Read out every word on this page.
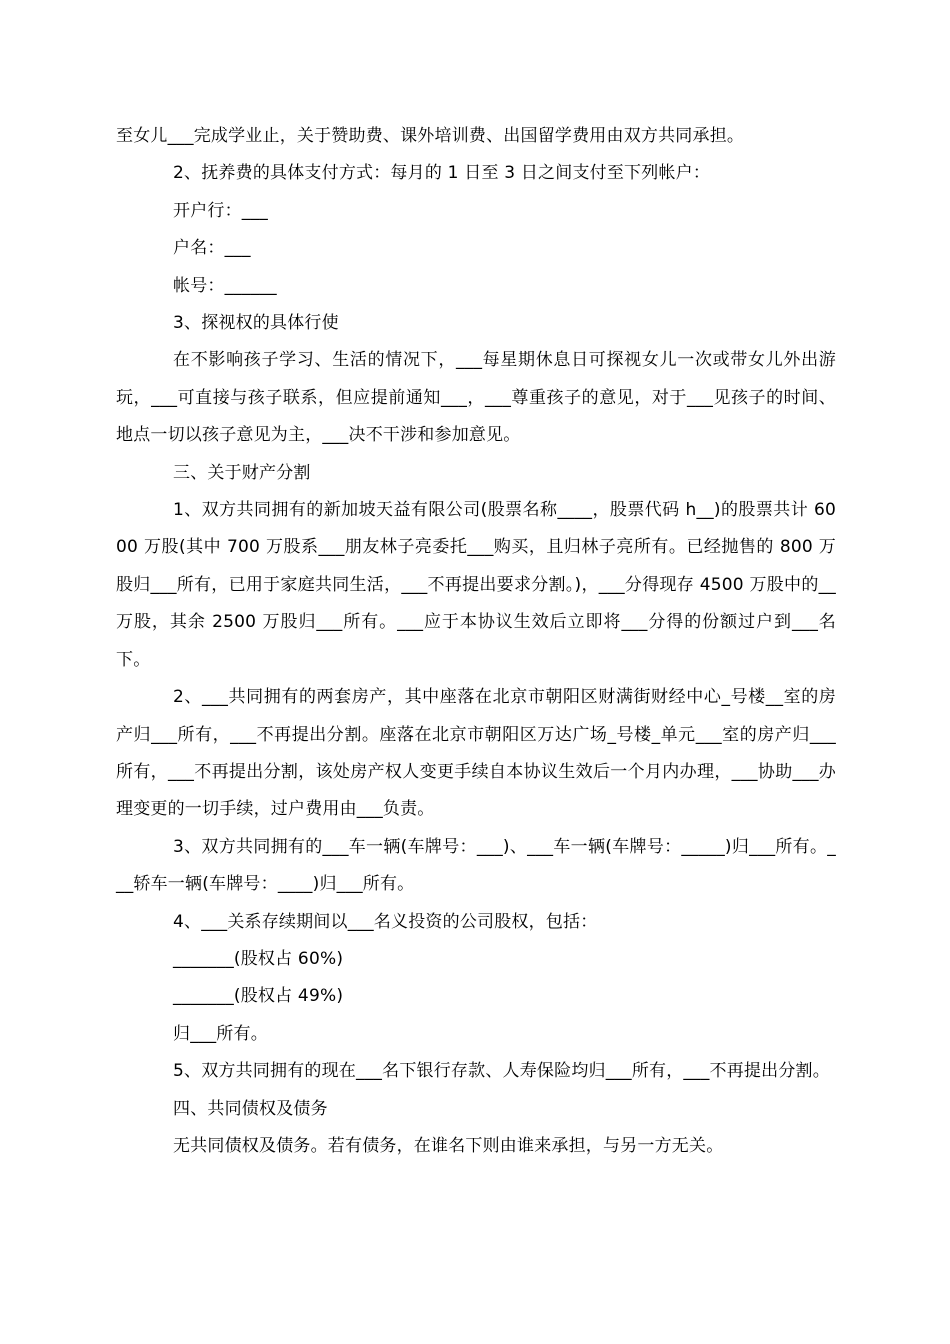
至女儿___完成学业止，关于赞助费、课外培训费、出国留学费用由双方共同承担。

2、抚养费的具体支付方式：每月的 1 日至 3 日之间支付至下列帐户：

开户行：___

户名：___

帐号：______

3、探视权的具体行使

在不影响孩子学习、生活的情况下，___每星期休息日可探视女儿一次或带女儿外出游玩，___可直接与孩子联系，但应提前通知___，___尊重孩子的意见，对于___见孩子的时间、地点一切以孩子意见为主，___决不干涉和参加意见。

三、关于财产分割

1、双方共同拥有的新加坡天益有限公司(股票名称____，股票代码 h__)的股票共计 6000 万股(其中 700 万股系___朋友林子亮委托___购买，且归林子亮所有。已经抛售的 800 万股归___所有，已用于家庭共同生活，___不再提出要求分割。)，___分得现存 4500 万股中的__万股，其余 2500 万股归___所有。___应于本协议生效后立即将___分得的份额过户到___名下。

2、___共同拥有的两套房产，其中座落在北京市朝阳区财满街财经中心_号楼__室的房产归___所有，___不再提出分割。座落在北京市朝阳区万达广场_号楼_单元___室的房产归___所有，___不再提出分割，该处房产权人变更手续自本协议生效后一个月内办理，___协助___办理变更的一切手续，过户费用由___负责。

3、双方共同拥有的___车一辆(车牌号：___)、___车一辆(车牌号：_____)归___所有。___轿车一辆(车牌号：____)归___所有。

4、___关系存续期间以___名义投资的公司股权，包括：

_______(股权占 60%)

_______(股权占 49%)

归___所有。

5、双方共同拥有的现在___名下银行存款、人寿保险均归___所有，___不再提出分割。

四、共同债权及债务

无共同债权及债务。若有债务，在谁名下则由谁来承担，与另一方无关。
